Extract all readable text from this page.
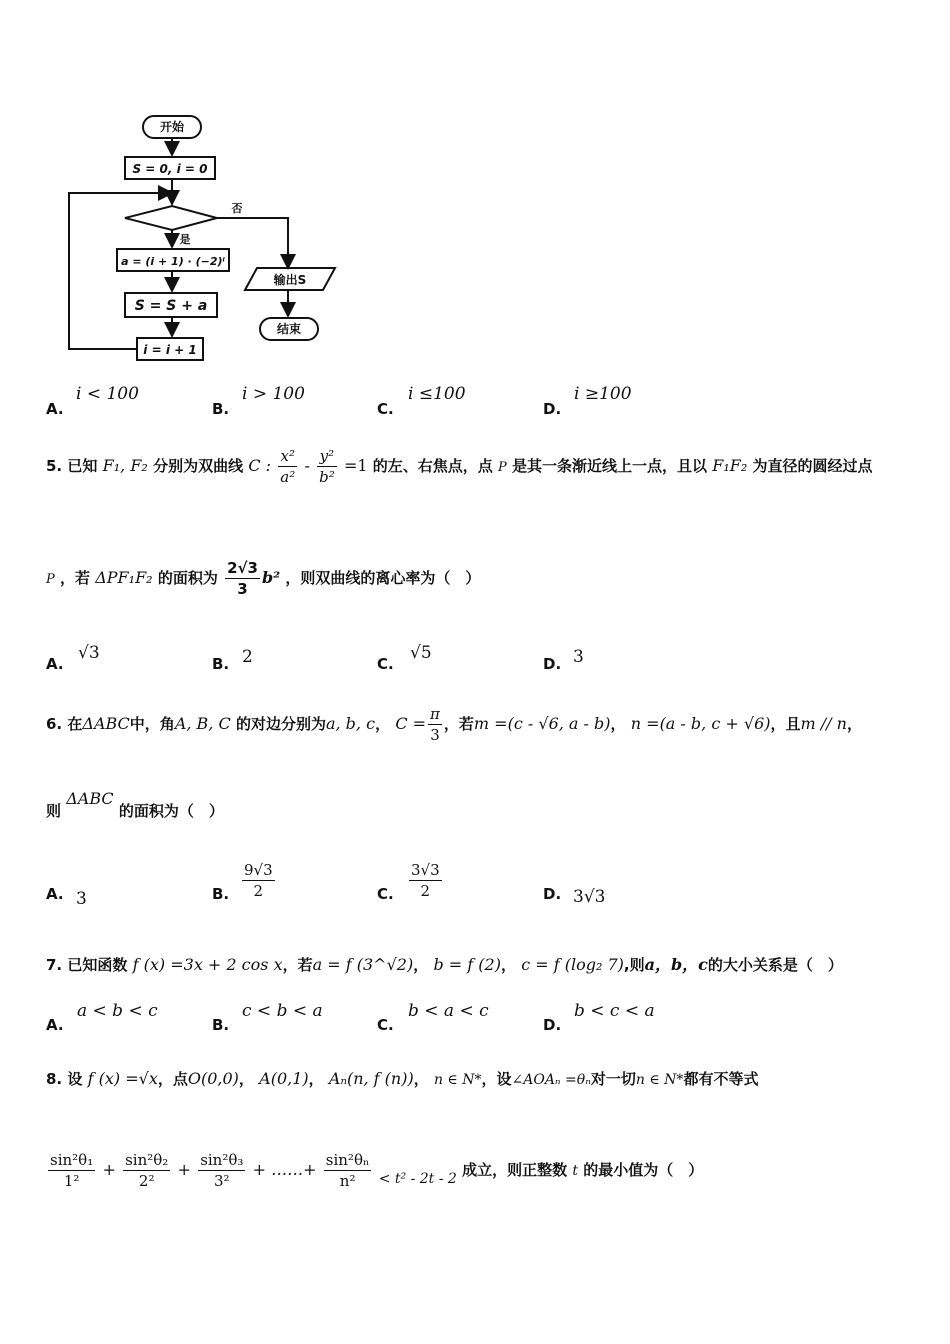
开始
S = 0, i = 0
否
是
a = (i + 1) · (−2)ⁱ
S = S + a
i = i + 1
输出S
结束
A.
i < 100
B.
i > 100
C.
i ≤100
D.
i ≥100
5. 已知 F₁, F₂ 分别为双曲线 C : $\frac{\text{x²}}{\text{a²}} - \frac{\text{y²}}{\text{b²}} =1$ 的左、右焦点，点 P 是其一条渐近线上一点，且以 F₁F₂ 为直径的圆经过点
P ，若 ΔPF₁F₂ 的面积为 $\frac{2√3}{3} b^2$ ，则双曲线的离心率为（　）
A.
√3
B. 2	C.
√5
D. 3
6. 在ΔABC中，角A, B, C 的对边分别为a, b, c， $C = \frac{\pi}{3}$ ，若m =(c - √6, a - b)， n =(a - b, c + √6)，且m // n，
则 ΔABC 的面积为（　）
A. 3	B. $\frac{9√3}{2}$	C. $\frac{3√3}{2}$	D. 3√3
7. 已知函数 f (x) =3x + 2 cos x，若a = f (3^√2)， b = f (2)， c = f (log₂ 7),则a，b，c的大小关系是（　）
A.
a < b < c
B.
c < b < a
C.
b < a < c
D.
b < c < a
8. 设 f (x) =√x，点O(0,0)， A(0,1)， Aₙ(n, f (n))， n ∈ N*，设∠AOAₙ =θₙ对一切n ∈ N*都有不等式
$\frac{\text{sin²θ₁}}{\text{1²}} + \frac{\text{sin²θ₂}}{\text{2²}} + \frac{\text{sin²θ₃}}{\text{3²}}$ + ……+ $\frac{\text{sin²θₙ}}{\text{n²}} < t^2 - 2t - 2$ 成立，则正整数 t 的最小值为（　）
